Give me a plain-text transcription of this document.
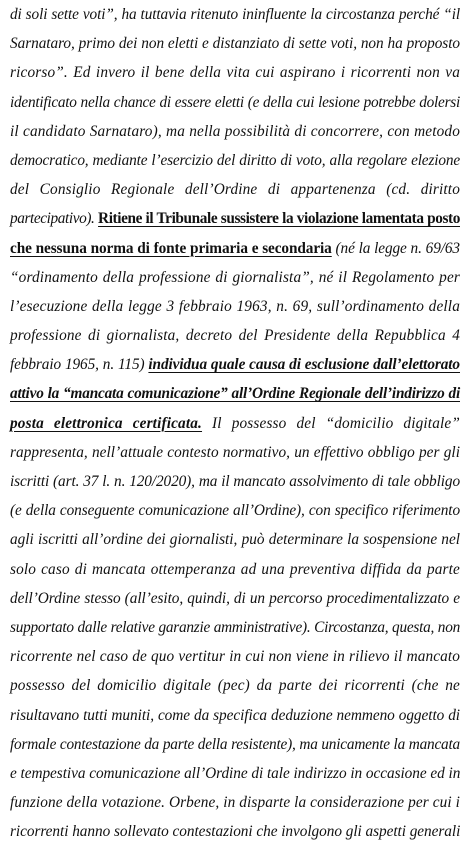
di soli sette voti”, ha tuttavia ritenuto ininfluente la circostanza perché “il
Sarnataro, primo dei non eletti e distanziato di sette voti, non ha proposto
ricorso”. Ed invero il bene della vita cui aspirano i ricorrenti non va
identificato nella chance di essere eletti (e della cui lesione potrebbe dolersi
il candidato Sarnataro), ma nella possibilità di concorrere, con metodo
democratico, mediante l’esercizio del diritto di voto, alla regolare elezione
del Consiglio Regionale dell’Ordine di appartenenza (cd. diritto
partecipativo). Ritiene il Tribunale sussistere la violazione lamentata posto
che nessuna norma di fonte primaria e secondaria (né la legge n. 69/63
“ordinamento della professione di giornalista”, né il Regolamento per
l’esecuzione della legge 3 febbraio 1963, n. 69, sull’ordinamento della
professione di giornalista, decreto del Presidente della Repubblica 4
febbraio 1965, n. 115) individua quale causa di esclusione dall’elettorato
attivo la “mancata comunicazione” all’Ordine Regionale dell’indirizzo di
posta elettronica certificata. Il possesso del “domicilio digitale”
rappresenta, nell’attuale contesto normativo, un effettivo obbligo per gli
iscritti (art. 37 l. n. 120/2020), ma il mancato assolvimento di tale obbligo
(e della conseguente comunicazione all’Ordine), con specifico riferimento
agli iscritti all’ordine dei giornalisti, può determinare la sospensione nel
solo caso di mancata ottemperanza ad una preventiva diffida da parte
dell’Ordine stesso (all’esito, quindi, di un percorso procedimentalizzato e
supportato dalle relative garanzie amministrative). Circostanza, questa, non
ricorrente nel caso de quo vertitur in cui non viene in rilievo il mancato
possesso del domicilio digitale (pec) da parte dei ricorrenti (che ne
risultavano tutti muniti, come da specifica deduzione nemmeno oggetto di
formale contestazione da parte della resistente), ma unicamente la mancata
e tempestiva comunicazione all’Ordine di tale indirizzo in occasione ed in
funzione della votazione. Orbene, in disparte la considerazione per cui i
ricorrenti hanno sollevato contestazioni che involgono gli aspetti generali
